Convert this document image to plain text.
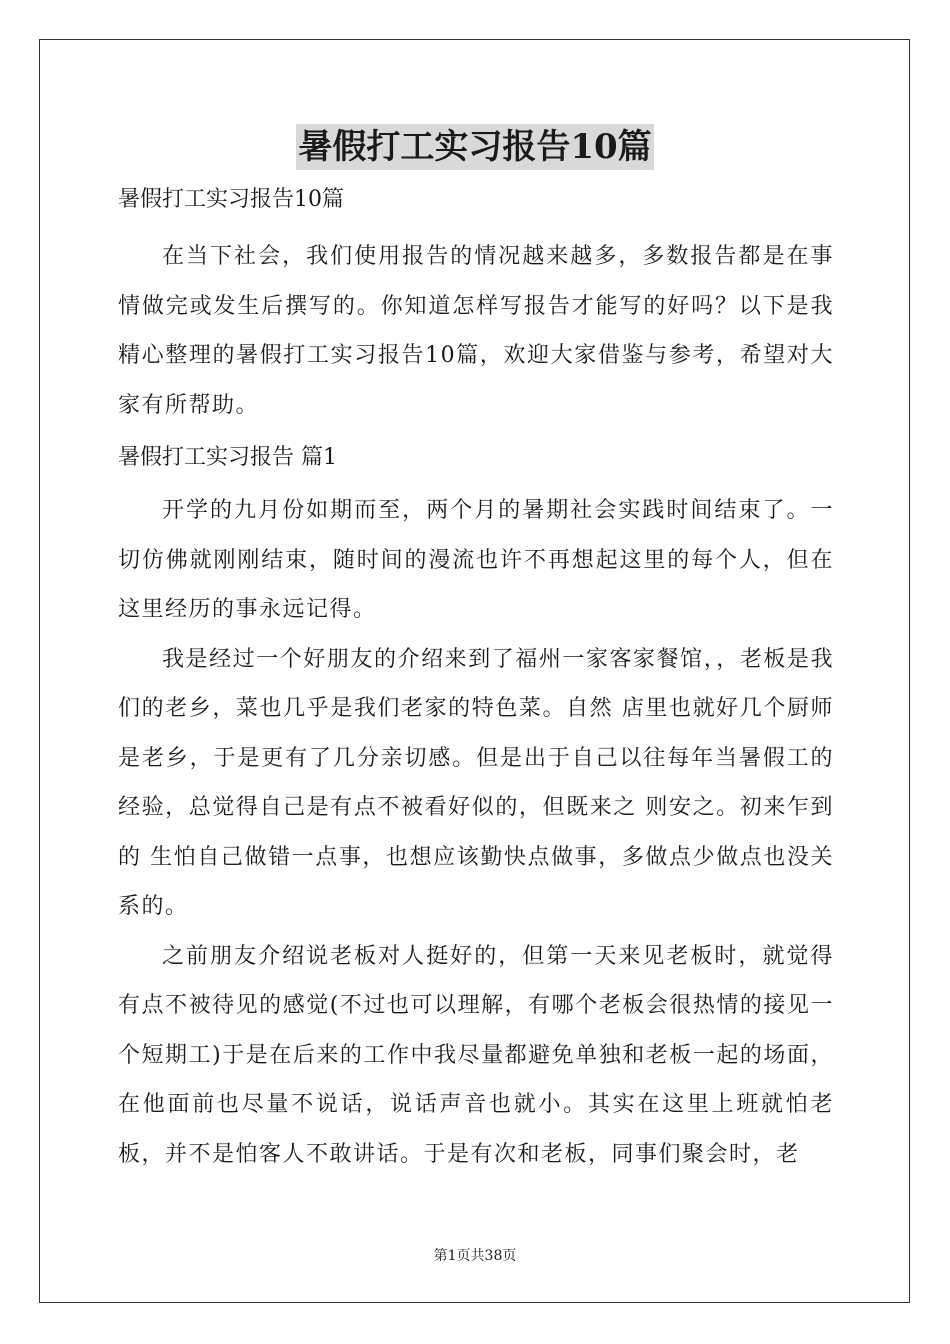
暑假打工实习报告10篇

暑假打工实习报告10篇

在当下社会，我们使用报告的情况越来越多，多数报告都是在事情做完或发生后撰写的。你知道怎样写报告才能写的好吗？以下是我精心整理的暑假打工实习报告10篇，欢迎大家借鉴与参考，希望对大家有所帮助。

暑假打工实习报告 篇1

开学的九月份如期而至，两个月的暑期社会实践时间结束了。一切仿佛就刚刚结束，随时间的漫流也许不再想起这里的每个人，但在这里经历的事永远记得。

我是经过一个好朋友的介绍来到了福州一家客家餐馆，，老板是我们的老乡，菜也几乎是我们老家的特色菜。自然 店里也就好几个厨师是老乡，于是更有了几分亲切感。但是出于自己以往每年当暑假工的经验，总觉得自己是有点不被看好似的，但既来之 则安之。初来乍到的 生怕自己做错一点事，也想应该勤快点做事，多做点少做点也没关系的。

之前朋友介绍说老板对人挺好的，但第一天来见老板时，就觉得有点不被待见的感觉(不过也可以理解，有哪个老板会很热情的接见一个短期工)于是在后来的工作中我尽量都避免单独和老板一起的场面，在他面前也尽量不说话，说话声音也就小。其实在这里上班就怕老板，并不是怕客人不敢讲话。于是有次和老板，同事们聚会时，老

第1页共38页
